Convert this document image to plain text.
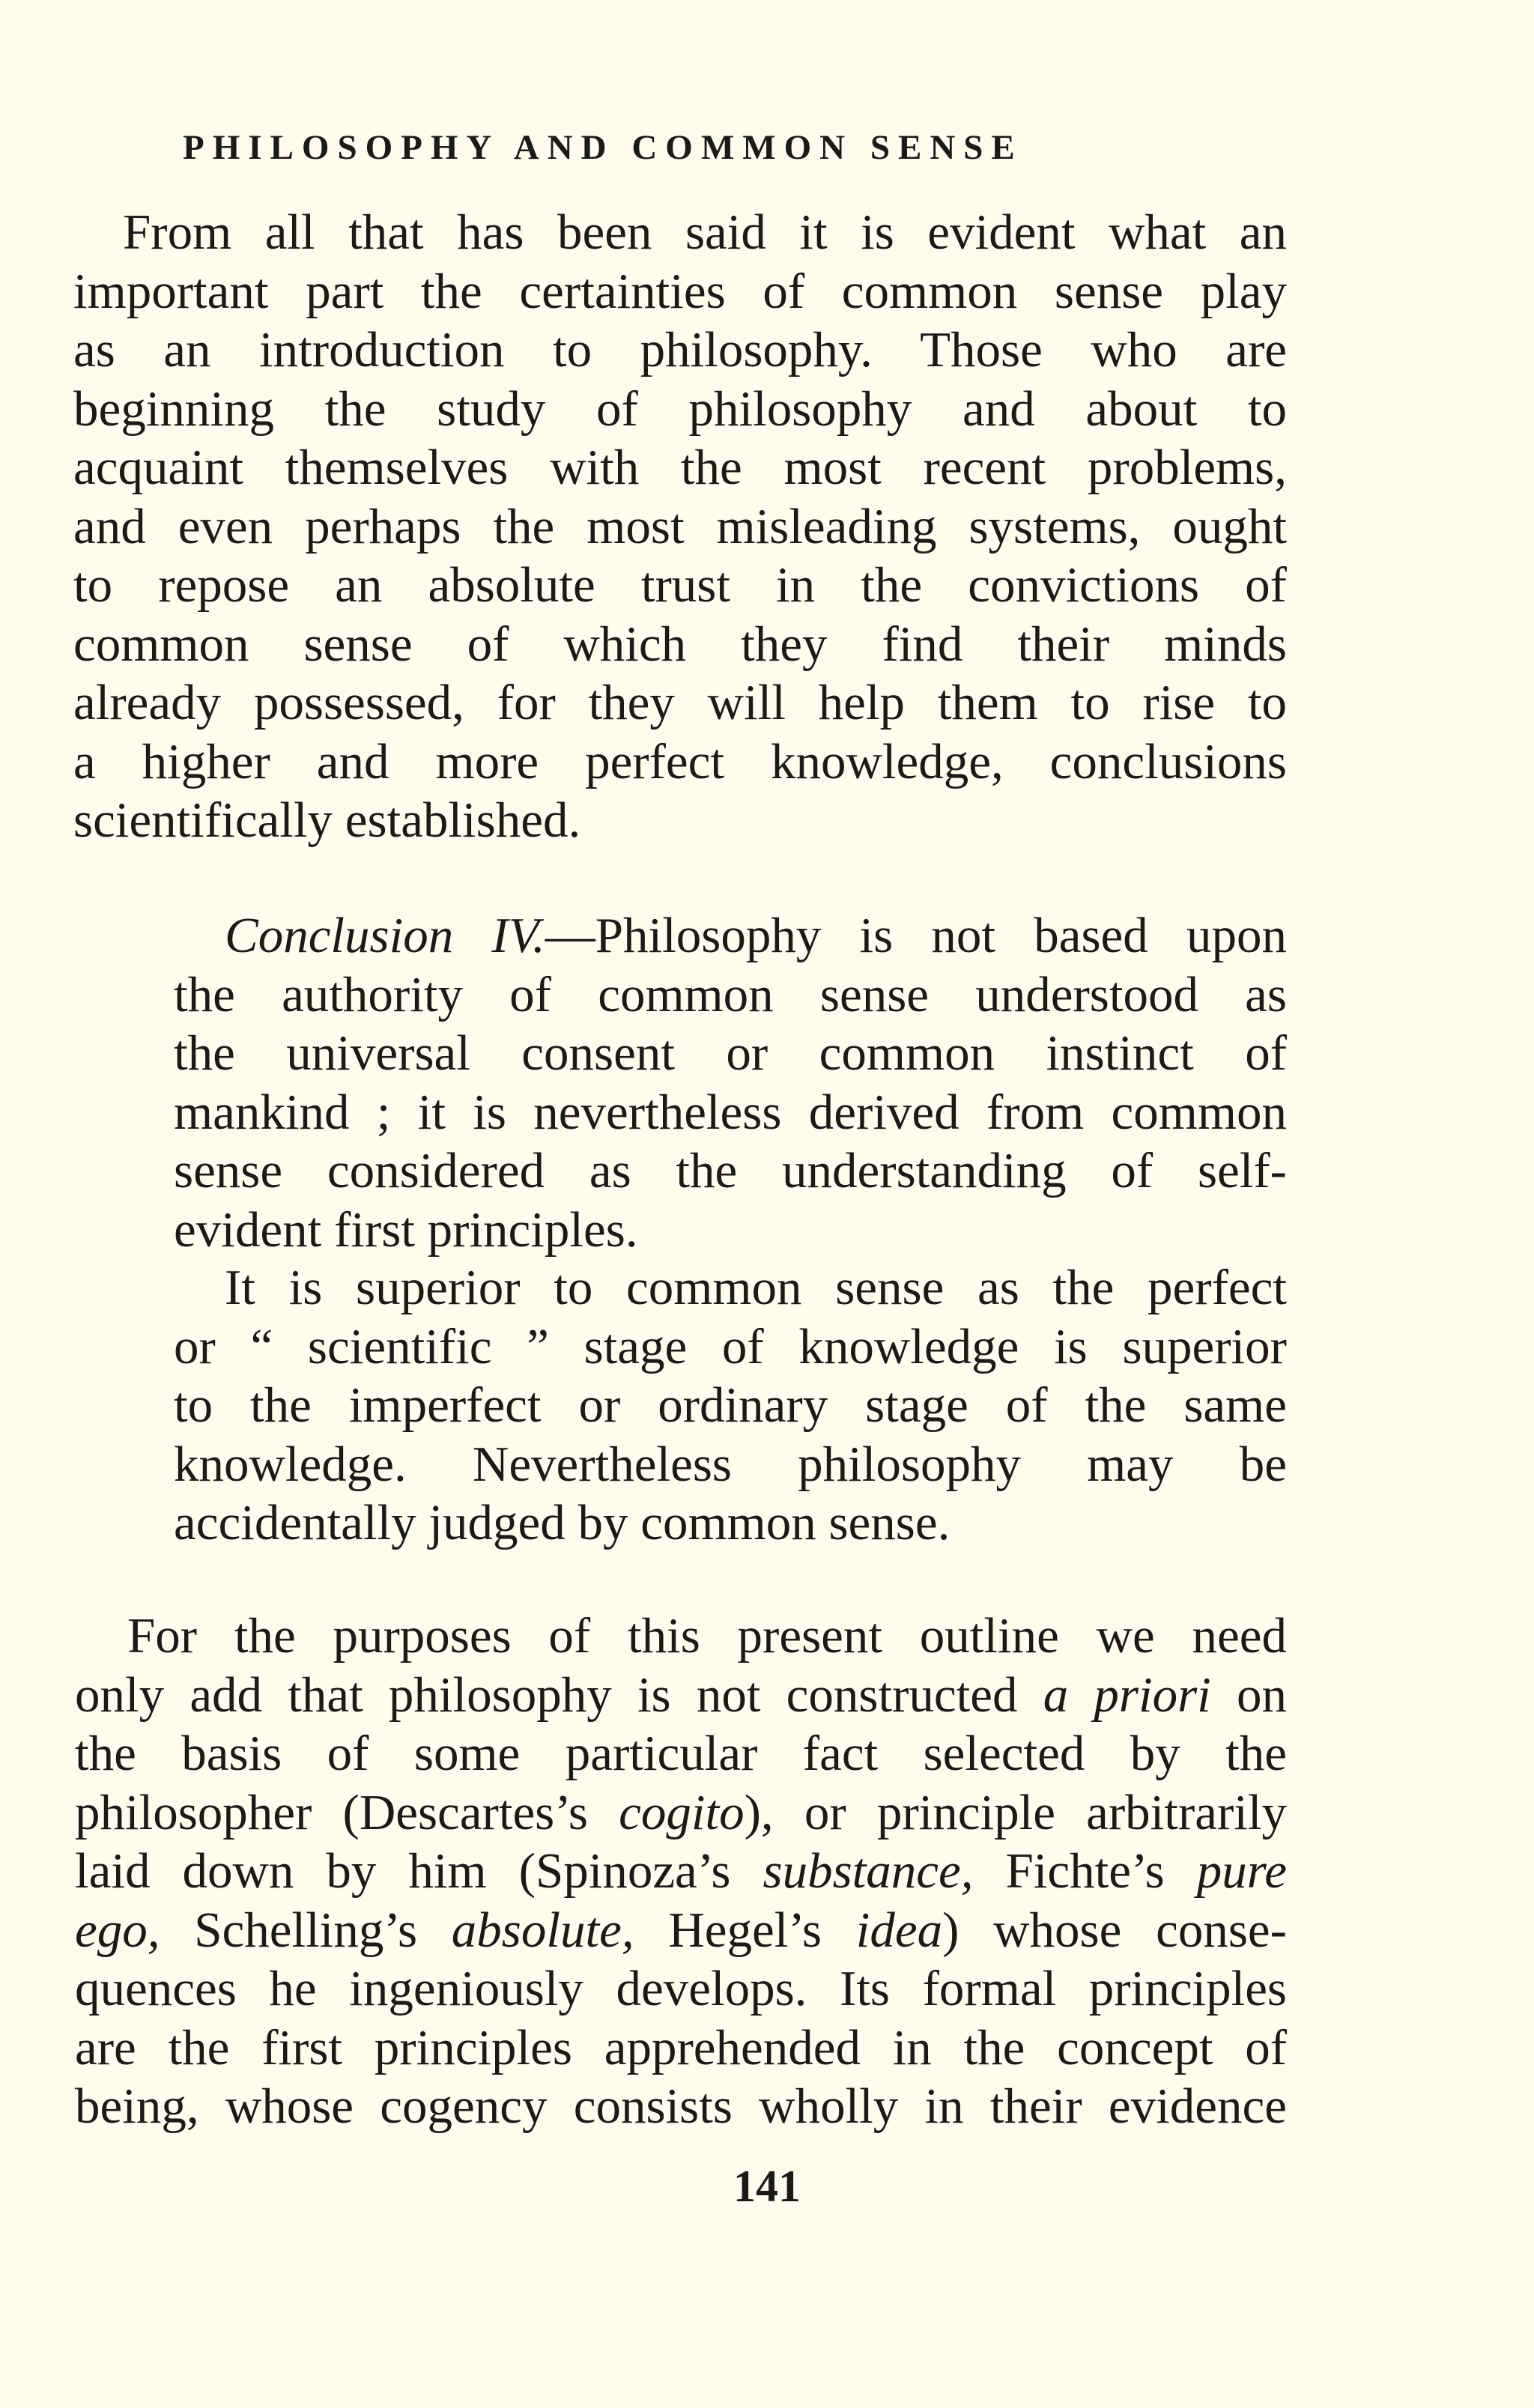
PHILOSOPHY AND COMMON SENSE

From all that has been said it is evident what an
important part the certainties of common sense play
as an introduction to philosophy. Those who are
beginning the study of philosophy and about to
acquaint themselves with the most recent problems,
and even perhaps the most misleading systems, ought
to repose an absolute trust in the convictions of
common sense of which they find their minds
already possessed, for they will help them to rise to
a higher and more perfect knowledge, conclusions
scientifically established.

Conclusion IV.—Philosophy is not based upon
the authority of common sense understood as
the universal consent or common instinct of
mankind ; it is nevertheless derived from common
sense considered as the understanding of self-
evident first principles.

It is superior to common sense as the perfect
or “ scientific ” stage of knowledge is superior
to the imperfect or ordinary stage of the same
knowledge. Nevertheless philosophy may be
accidentally judged by common sense.

For the purposes of this present outline we need
only add that philosophy is not constructed a priori on
the basis of some particular fact selected by the
philosopher (Descartes’s cogito), or principle arbitrarily
laid down by him (Spinoza’s substance, Fichte’s pure
ego, Schelling’s absolute, Hegel’s idea) whose conse-
quences he ingeniously develops. Its formal principles
are the first principles apprehended in the concept of
being, whose cogency consists wholly in their evidence

141
